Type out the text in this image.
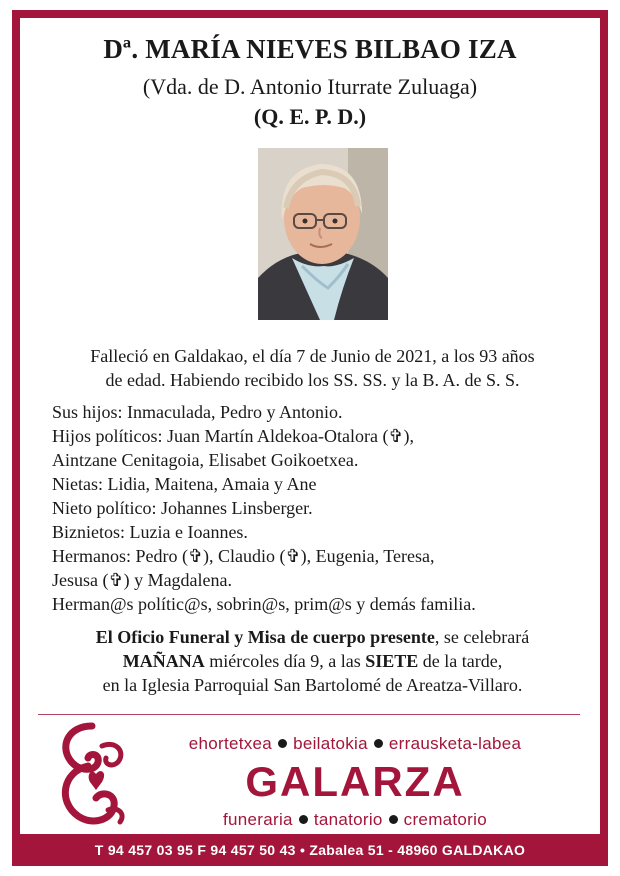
Dª. MARÍA NIEVES BILBAO IZA
(Vda. de D. Antonio Iturrate Zuluaga)
(Q. E. P. D.)
Falleció en Galdakao, el día 7 de Junio de 2021, a los 93 años
de edad. Habiendo recibido los SS. SS. y la B. A. de S. S.
Sus hijos: Inmaculada, Pedro y Antonio.
Hijos políticos: Juan Martín Aldekoa-Otalora (✞),
Aintzane Cenitagoia, Elisabet Goikoetxea.
Nietas: Lidia, Maitena, Amaia y Ane
Nieto político: Johannes Linsberger.
Biznietos: Luzia e Ioannes.
Hermanos: Pedro (✞), Claudio (✞), Eugenia, Teresa,
Jesusa (✞) y Magdalena.
Herman@s polític@s, sobrin@s, prim@s y demás familia.
El Oficio Funeral y Misa de cuerpo presente, se celebrará
MAÑANA miércoles día 9, a las SIETE de la tarde,
en la Iglesia Parroquial San Bartolomé de Areatza-Villaro.
ehortetxea beilatokia errausketa-labea
GALARZA
funeraria tanatorio crematorio
T 94 457 03 95 F 94 457 50 43 • Zabalea 51 - 48960 GALDAKAO
